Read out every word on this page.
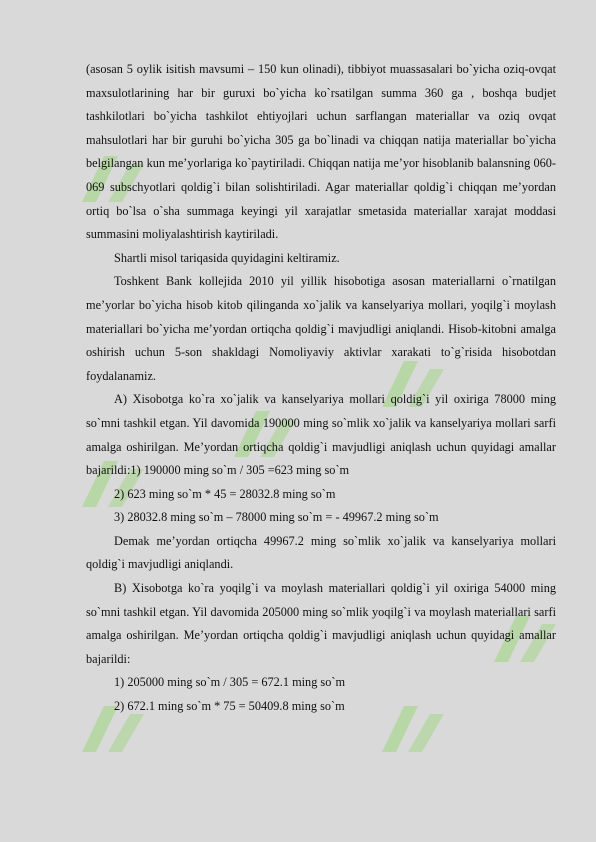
(asosan 5 oylik isitish mavsumi – 150 kun olinadi), tibbiyot muassasalari bo`yicha oziq-ovqat maxsulotlarining har bir guruxi bo`yicha ko`rsatilgan summa 360 ga , boshqa budjet tashkilotlari bo`yicha tashkilot ehtiyojlari uchun sarflangan materiallar va oziq ovqat mahsulotlari har bir guruhi bo`yicha 305 ga bo`linadi va chiqqan natija materiallar bo`yicha belgilangan kun me’yorlariga ko`paytiriladi. Chiqqan natija me’yor hisoblanib balansning 060-069 subschyotlari qoldig`i bilan solishtiriladi. Agar materiallar qoldig`i chiqqan me’yordan ortiq bo`lsa o`sha summaga keyingi yil xarajatlar smetasida materiallar xarajat moddasi summasini moliyalashtirish kaytiriladi.

Shartli misol tariqasida quyidagini keltiramiz.

Toshkent Bank kollejida 2010 yil yillik hisobotiga asosan materiallarni o`rnatilgan me’yorlar bo`yicha hisob kitob qilinganda xo`jalik va kanselyariya mollari, yoqilg`i moylash materiallari bo`yicha me’yordan ortiqcha qoldig`i mavjudligi aniqlandi. Hisob-kitobni amalga oshirish uchun 5-son shakldagi Nomoliyaviy aktivlar xarakati to`g`risida hisobotdan foydalanamiz.

A) Xisobotga ko`ra xo`jalik va kanselyariya mollari qoldig`i yil oxiriga 78000 ming so`mni tashkil etgan. Yil davomida 190000 ming so`mlik xo`jalik va kanselyariya mollari sarfi amalga oshirilgan. Me’yordan ortiqcha qoldig`i mavjudligi aniqlash uchun quyidagi amallar bajarildi:1) 190000 ming so`m / 305 =623 ming so`m

2) 623 ming so`m * 45 = 28032.8 ming so`m

3) 28032.8 ming so`m – 78000 ming so`m = - 49967.2 ming so`m

Demak me’yordan ortiqcha 49967.2 ming so`mlik xo`jalik va kanselyariya mollari qoldig`i mavjudligi aniqlandi.

B) Xisobotga ko`ra yoqilg`i va moylash materiallari qoldig`i yil oxiriga 54000 ming so`mni tashkil etgan. Yil davomida 205000 ming so`mlik yoqilg`i va moylash materiallari sarfi amalga oshirilgan. Me’yordan ortiqcha qoldig`i mavjudligi aniqlash uchun quyidagi amallar bajarildi:

1) 205000 ming so`m / 305 = 672.1 ming so`m

2) 672.1 ming so`m * 75 = 50409.8 ming so`m
